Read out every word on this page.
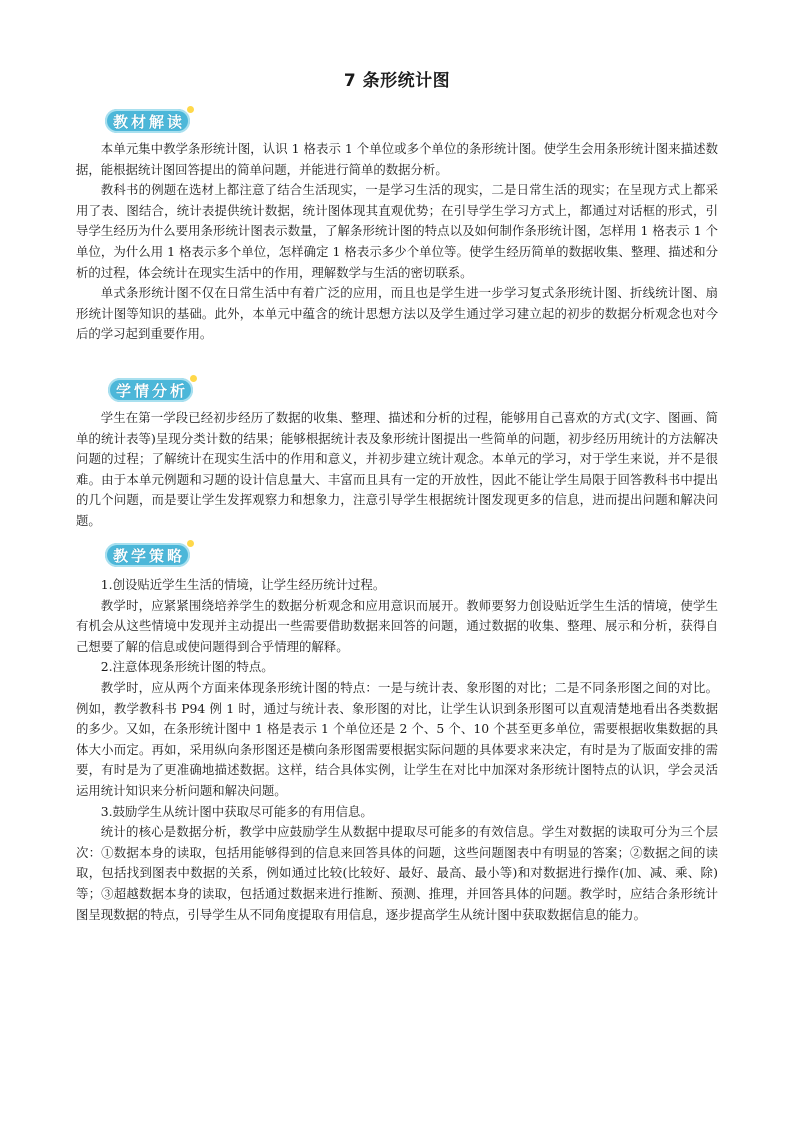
7 条形统计图
教材解读

本单元集中教学条形统计图，认识 1 格表示 1 个单位或多个单位的条形统计图。使学生会用条形统计图来描述数据，能根据统计图回答提出的简单问题，并能进行简单的数据分析。

教科书的例题在选材上都注意了结合生活现实，一是学习生活的现实，二是日常生活的现实；在呈现方式上都采用了表、图结合，统计表提供统计数据，统计图体现其直观优势；在引导学生学习方式上，都通过对话框的形式，引导学生经历为什么要用条形统计图表示数量，了解条形统计图的特点以及如何制作条形统计图，怎样用 1 格表示 1 个单位，为什么用 1 格表示多个单位，怎样确定 1 格表示多少个单位等。使学生经历简单的数据收集、整理、描述和分析的过程，体会统计在现实生活中的作用，理解数学与生活的密切联系。

单式条形统计图不仅在日常生活中有着广泛的应用，而且也是学生进一步学习复式条形统计图、折线统计图、扇形统计图等知识的基础。此外，本单元中蕴含的统计思想方法以及学生通过学习建立起的初步的数据分析观念也对今后的学习起到重要作用。

学情分析

学生在第一学段已经初步经历了数据的收集、整理、描述和分析的过程，能够用自己喜欢的方式(文字、图画、简单的统计表等)呈现分类计数的结果；能够根据统计表及象形统计图提出一些简单的问题，初步经历用统计的方法解决问题的过程；了解统计在现实生活中的作用和意义，并初步建立统计观念。本单元的学习，对于学生来说，并不是很难。由于本单元例题和习题的设计信息量大、丰富而且具有一定的开放性，因此不能让学生局限于回答教科书中提出的几个问题，而是要让学生发挥观察力和想象力，注意引导学生根据统计图发现更多的信息，进而提出问题和解决问题。

教学策略

1.创设贴近学生生活的情境，让学生经历统计过程。

教学时，应紧紧围绕培养学生的数据分析观念和应用意识而展开。教师要努力创设贴近学生生活的情境，使学生有机会从这些情境中发现并主动提出一些需要借助数据来回答的问题，通过数据的收集、整理、展示和分析，获得自己想要了解的信息或使问题得到合乎情理的解释。

2.注意体现条形统计图的特点。

教学时，应从两个方面来体现条形统计图的特点：一是与统计表、象形图的对比；二是不同条形图之间的对比。例如，教学教科书 P94 例 1 时，通过与统计表、象形图的对比，让学生认识到条形图可以直观清楚地看出各类数据的多少。又如，在条形统计图中 1 格是表示 1 个单位还是 2 个、5 个、10 个甚至更多单位，需要根据收集数据的具体大小而定。再如，采用纵向条形图还是横向条形图需要根据实际问题的具体要求来决定，有时是为了版面安排的需要，有时是为了更准确地描述数据。这样，结合具体实例，让学生在对比中加深对条形统计图特点的认识，学会灵活运用统计知识来分析问题和解决问题。

3.鼓励学生从统计图中获取尽可能多的有用信息。

统计的核心是数据分析，教学中应鼓励学生从数据中提取尽可能多的有效信息。学生对数据的读取可分为三个层次：①数据本身的读取，包括用能够得到的信息来回答具体的问题，这些问题图表中有明显的答案；②数据之间的读取，包括找到图表中数据的关系，例如通过比较(比较好、最好、最高、最小等)和对数据进行操作(加、减、乘、除)等；③超越数据本身的读取，包括通过数据来进行推断、预测、推理，并回答具体的问题。教学时，应结合条形统计图呈现数据的特点，引导学生从不同角度提取有用信息，逐步提高学生从统计图中获取数据信息的能力。
